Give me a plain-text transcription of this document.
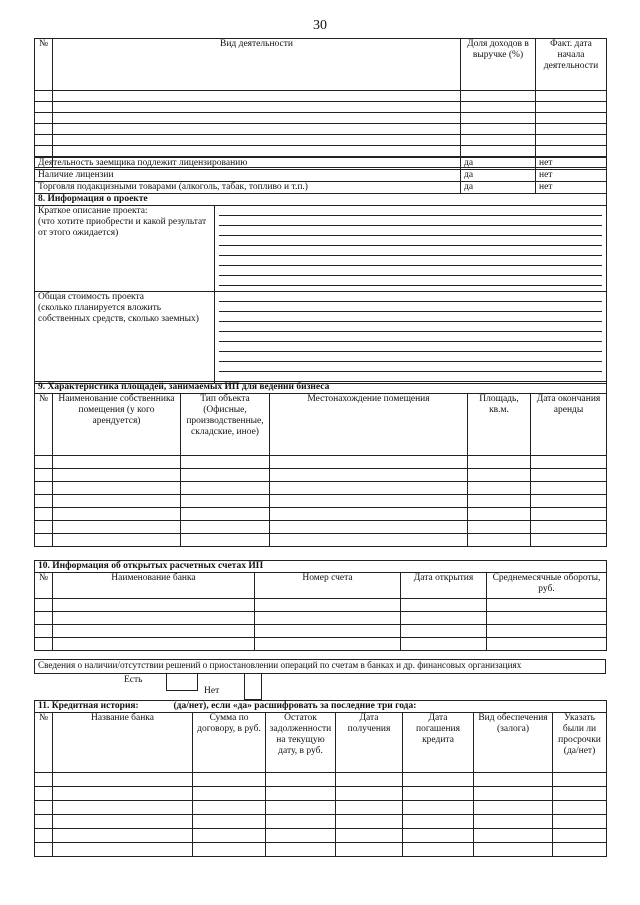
30
№	Вид деятельности	Доля доходов в выручке (%)	Факт. дата начала деятельности

Деятельность заемщика подлежит лицензированию	да	нет
Наличие лицензии	да	нет
Торговля подакцизными товарами (алкоголь, табак, топливо и т.п.)	да	нет
8. Информация о проекте	

Краткое описание проекта:
(что хотите приобрести и какой результат от этого ожидается)	

Общая стоимость проекта
(сколько планируется вложить собственных средств, сколько заемных)	

9. Характеристика площадей, занимаемых ИП для ведении бизнеса					
№	Наименование собственника помещения (у кого арендуется)	Тип объекта (Офисные, производственные, складские, иное)	Местонахождение помещения	Площадь, кв.м.	Дата окончания аренды

10. Информация об открытых расчетных счетах ИП				
№	Наименование банка	Номер счета	Дата открытия	Среднемесячные обороты, руб.

Сведения о наличии/отсутствии решений о приостановлении операций по счетам в банках и др. финансовых организациях
Есть
Нет
11. Кредитная история: (да/нет), если «да» расшифровать за последние три года:							
№	Название банка	Сумма по договору, в руб.	Остаток задолженности на текущую дату, в руб.	Дата получения	Дата погашения кредита	Вид обеспечения (залога)	Указать были ли просрочки (да/нет)
